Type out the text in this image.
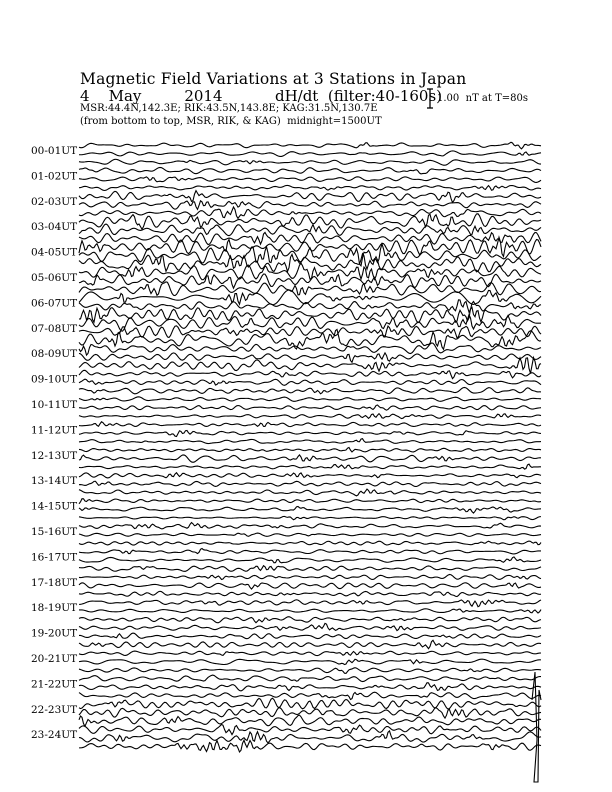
Magnetic Field Variations at 3 Stations in Japan
4 May	2014	dH/dt (filter:40-160s)
MSR:44.4N,142.3E; RIK:43.5N,143.8E; KAG:31.5N,130.7E
(from bottom to top, MSR, RIK, & KAG) midnight=1500UT
1.00  nT at T=80s
00-01UT
01-02UT
02-03UT
03-04UT
04-05UT
05-06UT
06-07UT
07-08UT
08-09UT
09-10UT
10-11UT
11-12UT
12-13UT
13-14UT
14-15UT
15-16UT
16-17UT
17-18UT
18-19UT
19-20UT
20-21UT
21-22UT
22-23UT
23-24UT
